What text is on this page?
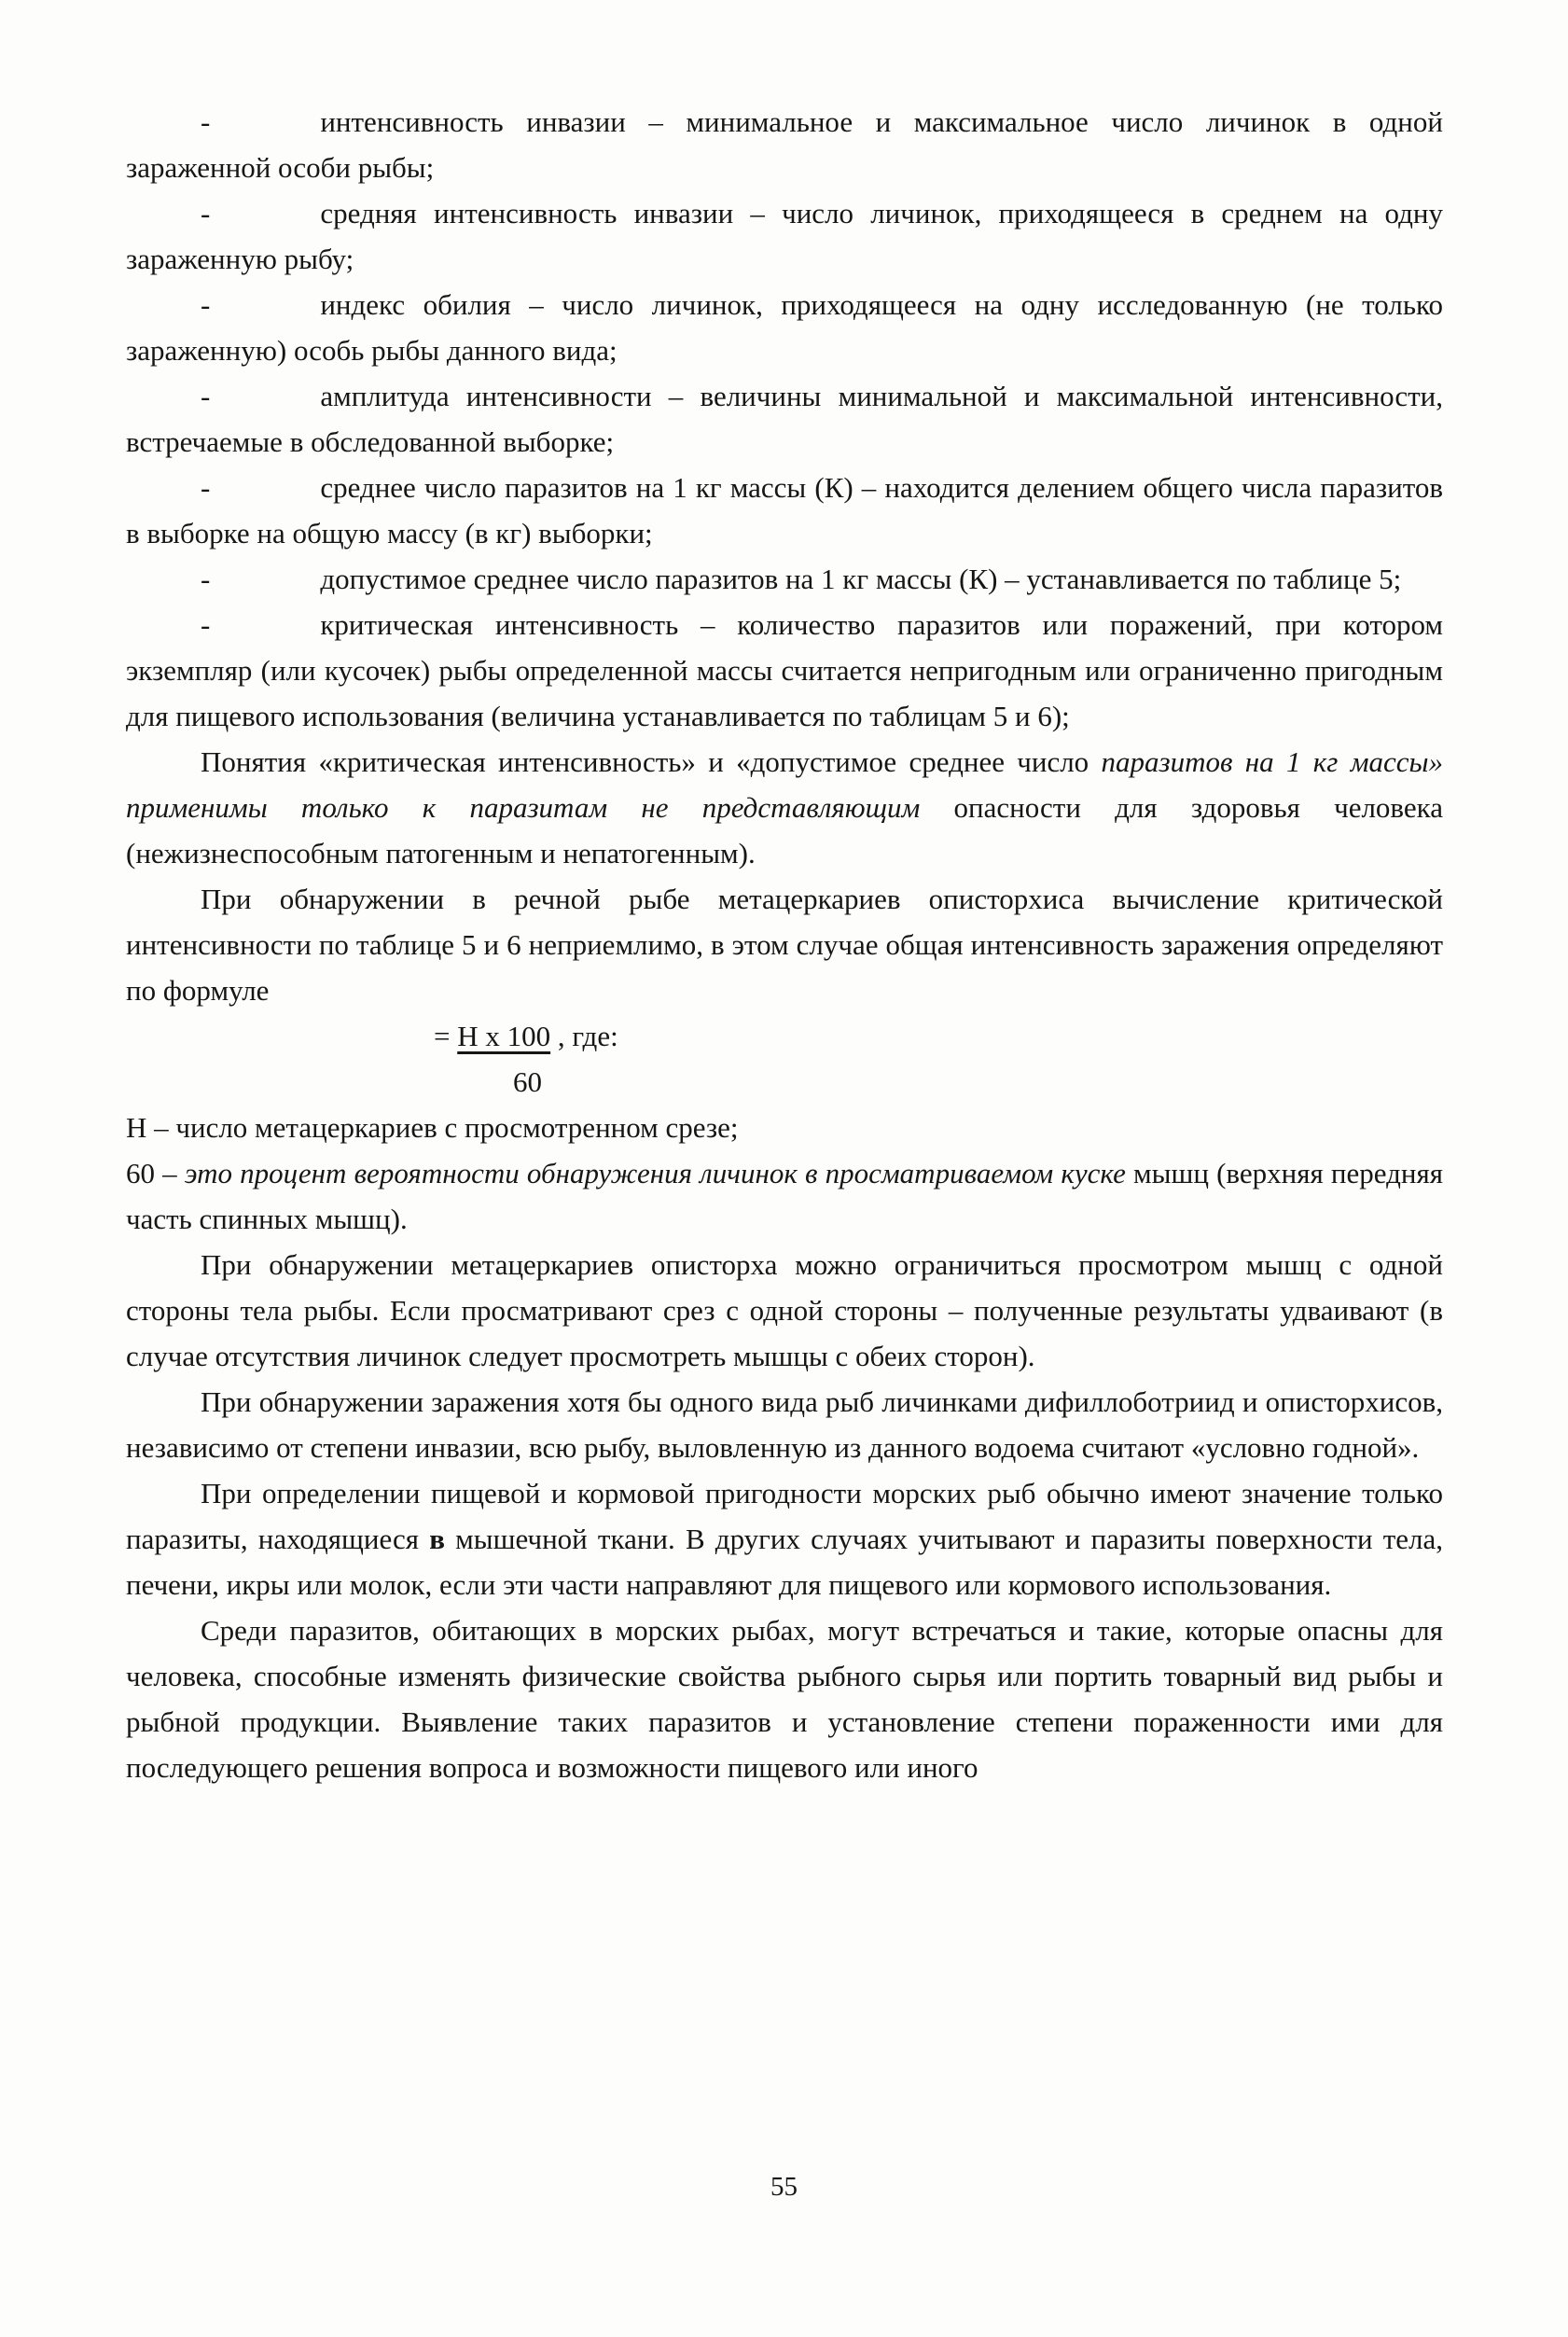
-	интенсивность инвазии – минимальное и максимальное число личинок в одной зараженной особи рыбы;

-	средняя интенсивность инвазии – число личинок, приходящееся в среднем на одну зараженную рыбу;

-	индекс обилия – число личинок, приходящееся на одну исследованную (не только зараженную) особь рыбы данного вида;

-	амплитуда интенсивности – величины минимальной и максимальной интенсивности, встречаемые в обследованной выборке;

-	среднее число паразитов на 1 кг массы (К) – находится делением общего числа паразитов в выборке на общую массу (в кг) выборки;

-	допустимое среднее число паразитов на 1 кг массы (К) – устанавливается по таблице 5;

-	критическая интенсивность – количество паразитов или поражений, при котором экземпляр (или кусочек) рыбы определенной массы считается непригодным или ограниченно пригодным для пищевого использования (величина устанавливается по таблицам 5 и 6);

Понятия «критическая интенсивность» и «допустимое среднее число паразитов на 1 кг массы» применимы только к паразитам не представляющим опасности для здоровья человека (нежизнеспособным патогенным и непатогенным).

При обнаружении в речной рыбе метацеркариев описторхиса вычисление критической интенсивности по таблице 5 и 6 неприемлимо, в этом случае общая интенсивность заражения определяют по формуле

= Н х 100 , где:
60

Н – число метацеркариев с просмотренном срезе;

60 – это процент вероятности обнаружения личинок в просматриваемом куске мышц (верхняя передняя часть спинных мышц).

При обнаружении метацеркариев описторха можно ограничиться просмотром мышц с одной стороны тела рыбы. Если просматривают срез с одной стороны – полученные результаты удваивают (в случае отсутствия личинок следует просмотреть мышцы с обеих сторон).

При обнаружении заражения хотя бы одного вида рыб личинками дифиллоботриид и описторхисов, независимо от степени инвазии, всю рыбу, выловленную из данного водоема считают «условно годной».

При определении пищевой и кормовой пригодности морских рыб обычно имеют значение только паразиты, находящиеся в мышечной ткани. В других случаях учитывают и паразиты поверхности тела, печени, икры или молок, если эти части направляют для пищевого или кормового использования.

Среди паразитов, обитающих в морских рыбах, могут встречаться и такие, которые опасны для человека, способные изменять физические свойства рыбного сырья или портить товарный вид рыбы и рыбной продукции. Выявление таких паразитов и установление степени пораженности ими для последующего решения вопроса и возможности пищевого или иного

55
